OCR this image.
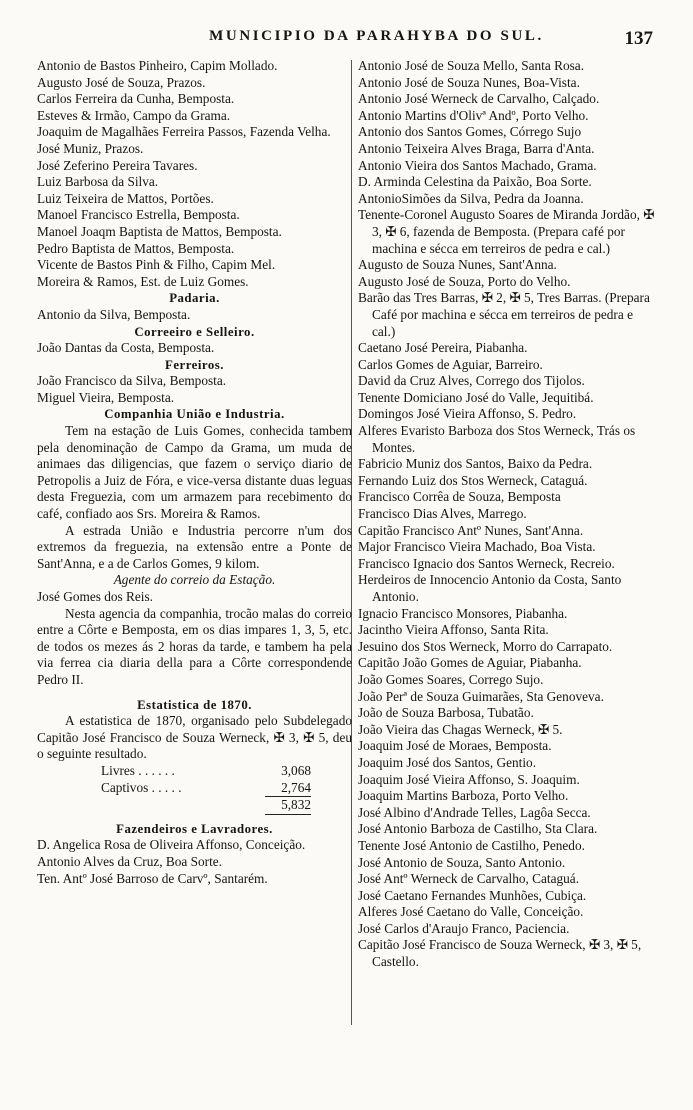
MUNICIPIO DA PARAHYBA DO SUL.	137

Antonio de Bastos Pinheiro, Capim Mollado.

Augusto José de Souza, Prazos.

Carlos Ferreira da Cunha, Bemposta.

Esteves & Irmão, Campo da Grama.

Joaquim de Magalhães Ferreira Passos, Fazenda Velha.

José Muniz, Prazos.

José Zeferino Pereira Tavares.

Luiz Barbosa da Silva.

Luiz Teixeira de Mattos, Portões.

Manoel Francisco Estrella, Bemposta.

Manoel Joaqm Baptista de Mattos, Bemposta.

Pedro Baptista de Mattos, Bemposta.

Vicente de Bastos Pinh & Filho, Capim Mel.

Moreira & Ramos, Est. de Luiz Gomes.

Padaria.

Antonio da Silva, Bemposta.

Correeiro e Selleiro.

João Dantas da Costa, Bemposta.

Ferreiros.

João Francisco da Silva, Bemposta.

Miguel Vieira, Bemposta.

Companhia União e Industria.

Tem na estação de Luis Gomes, conhecida tambem pela denominação de Campo da Grama, um muda de animaes das diligencias, que fazem o serviço diario de Petropolis a Juiz de Fóra, e vice-versa distante duas leguas desta Freguezia, com um armazem para recebimento do café, confiado aos Srs. Moreira & Ramos.

A estrada União e Industria percorre n'um dos extremos da freguezia, na extensão entre a Ponte de Sant'Anna, e a de Carlos Gomes, 9 kilom.

Agente do correio da Estação.

José Gomes dos Reis.

Nesta agencia da companhia, trocão malas do correio entre a Côrte e Bemposta, em os dias impares 1, 3, 5, etc. de todos os mezes ás 2 horas da tarde, e tambem ha pela via ferrea cia diaria della para a Côrte correspondende Pedro II.

Estatistica de 1870.

A estatistica de 1870, organisado pelo Subdelegado Capitão José Francisco de Souza Werneck, ✠ 3, ✠ 5, deu o seguinte resultado.

Livres . . . . . .	3,068
Captivos . . . . .	2,764
5,832

Fazendeiros e Lavradores.

D. Angelica Rosa de Oliveira Affonso, Conceição.

Antonio Alves da Cruz, Boa Sorte.

Ten. Antº José Barroso de Carvº, Santarém.

Antonio José de Souza Mello, Santa Rosa.

Antonio José de Souza Nunes, Boa-Vista.

Antonio José Werneck de Carvalho, Calçado.

Antonio Martins d'Olivª Andº, Porto Velho.

Antonio dos Santos Gomes, Córrego Sujo

Antonio Teixeira Alves Braga, Barra d'Anta.

Antonio Vieira dos Santos Machado, Grama.

D. Arminda Celestina da Paixão, Boa Sorte.

AntonioSimões da Silva, Pedra da Joanna.

Tenente-Coronel Augusto Soares de Miranda Jordão, ✠ 3, ✠ 6, fazenda de Bemposta. (Prepara café por machina e sécca em terreiros de pedra e cal.)

Augusto de Souza Nunes, Sant'Anna.

Augusto José de Souza, Porto do Velho.

Barão das Tres Barras, ✠ 2, ✠ 5, Tres Barras. (Prepara Café por machina e sécca em terreiros de pedra e cal.)

Caetano José Pereira, Piabanha.

Carlos Gomes de Aguiar, Barreiro.

David da Cruz Alves, Corrego dos Tijolos.

Tenente Domiciano José do Valle, Jequitibá.

Domingos José Vieira Affonso, S. Pedro.

Alferes Evaristo Barboza dos Stos Werneck, Trás os Montes.

Fabricio Muniz dos Santos, Baixo da Pedra.

Fernando Luiz dos Stos Werneck, Cataguá.

Francisco Corrêa de Souza, Bemposta

Francisco Dias Alves, Marrego.

Capitão Francisco Antº Nunes, Sant'Anna.

Major Francisco Vieira Machado, Boa Vista.

Francisco Ignacio dos Santos Werneck, Recreio.

Herdeiros de Innocencio Antonio da Costa, Santo Antonio.

Ignacio Francisco Monsores, Piabanha.

Jacintho Vieira Affonso, Santa Rita.

Jesuino dos Stos Werneck, Morro do Carrapato.

Capitão João Gomes de Aguiar, Piabanha.

João Gomes Soares, Corrego Sujo.

João Perª de Souza Guimarães, Sta Genoveva.

João de Souza Barbosa, Tubatão.

João Vieira das Chagas Werneck, ✠ 5.

Joaquim José de Moraes, Bemposta.

Joaquim José dos Santos, Gentio.

Joaquim José Vieira Affonso, S. Joaquim.

Joaquim Martins Barboza, Porto Velho.

José Albino d'Andrade Telles, Lagôa Secca.

José Antonio Barboza de Castilho, Sta Clara.

Tenente José Antonio de Castilho, Penedo.

José Antonio de Souza, Santo Antonio.

José Antº Werneck de Carvalho, Cataguá.

José Caetano Fernandes Munhões, Cubiça.

Alferes José Caetano do Valle, Conceição.

José Carlos d'Araujo Franco, Paciencia.

Capitão José Francisco de Souza Werneck, ✠ 3, ✠ 5, Castello.
